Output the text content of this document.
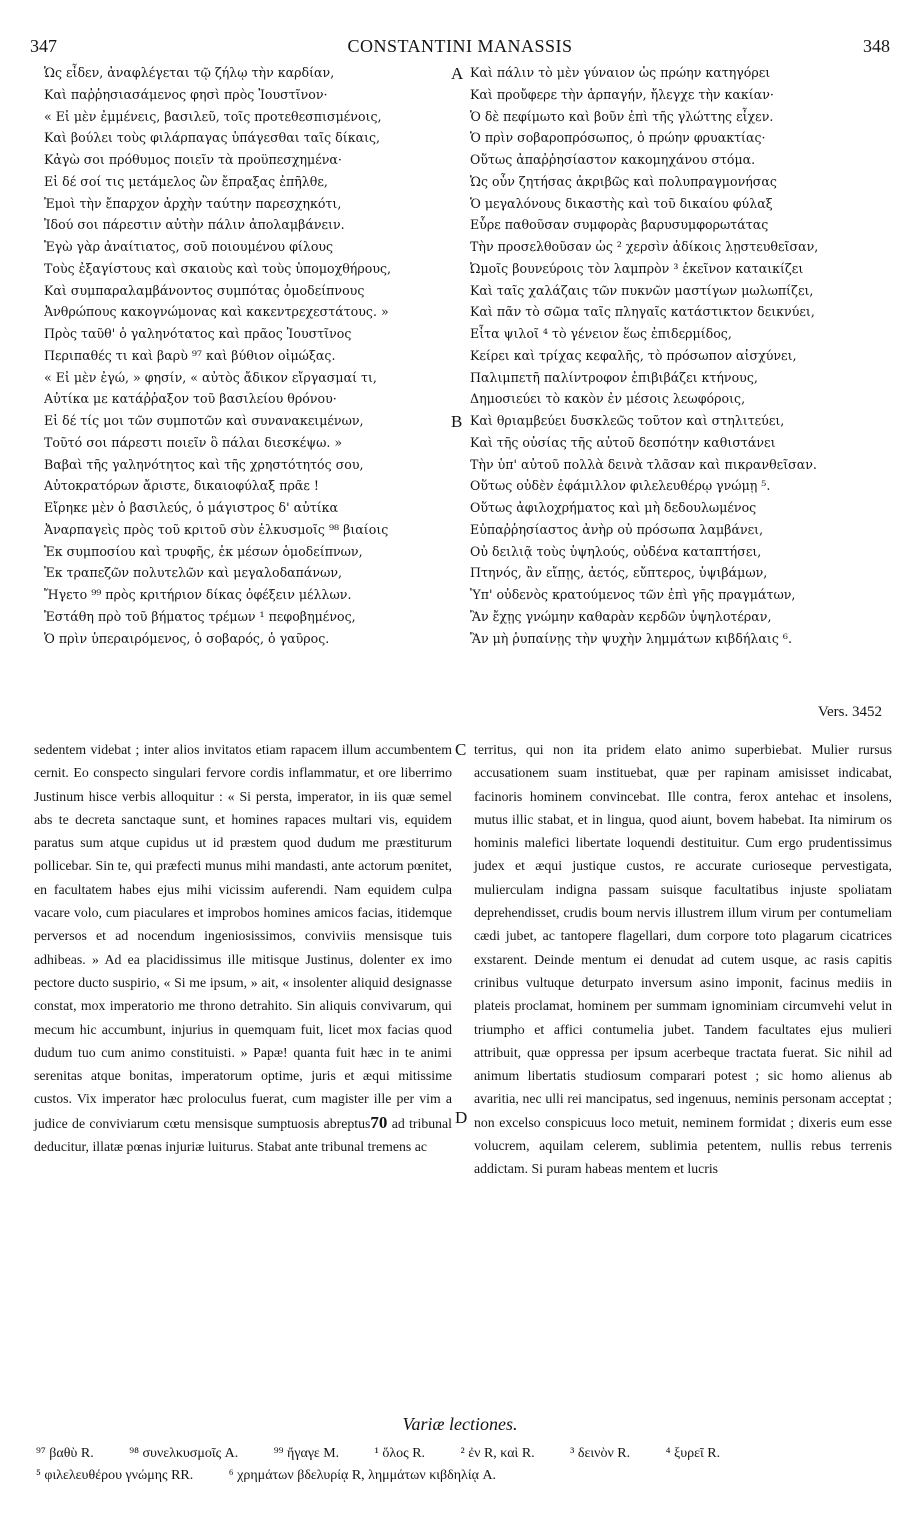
347	CONSTANTINI MANASSIS	348
Ὡς εἶδεν, ἀναφλέγεται τῷ ζήλῳ τὴν καρδίαν,
Καὶ παῤῥησιασάμενος φησὶ πρὸς Ἰουστῖνον·
« Εἰ μὲν ἐμμένεις, βασιλεῦ, τοῖς προτεθεσπισμένοις,
Καὶ βούλει τοὺς φιλάρπαγας ὑπάγεσθαι ταῖς δίκαις,
Κἀγὼ σοι πρόθυμος ποιεῖν τὰ προϋπεσχημένα·
Εἰ δέ σοί τις μετάμελος ὢν ἔπραξας ἐπῆλθε,
Ἐμοὶ τὴν ἔπαρχον ἀρχὴν ταύτην παρεσχηκότι,
Ἰδού σοι πάρεστιν αὐτὴν πάλιν ἀπολαμβάνειν.
Ἐγὼ γὰρ ἀναίτιατος, σοῦ ποιουμένου φίλους
Τοὺς ἐξαγίστους καὶ σκαιοὺς καὶ τοὺς ὑπομοχθήρους,
Καὶ συμπαραλαμβάνοντος συμπότας ὁμοδείπνους
Ἀνθρώπους κακογνώμονας καὶ κακεντρεχεστάτους. »
Πρὸς ταῦθ' ὁ γαληνότατος καὶ πρᾶος Ἰουστῖνος
Περιπαθές τι καὶ βαρὺ ⁹⁷ καὶ βύθιον οἰμώξας.
« Εἰ μὲν ἐγώ, » φησίν, « αὐτὸς ἄδικον εἴργασμαί τι,
Αὐτίκα με κατάῤῥαξον τοῦ βασιλείου θρόνου·
Εἰ δέ τίς μοι τῶν συμποτῶν καὶ συνανακειμένων,
Τοῦτό σοι πάρεστι ποιεῖν ὃ πάλαι διεσκέψω. »
Βαβαὶ τῆς γαληνότητος καὶ τῆς χρηστότητός σου,
Αὐτοκρατόρων ἄριστε, δικαιοφύλαξ πρᾶε !
Εἴρηκε μὲν ὁ βασιλεύς, ὁ μάγιστρος δ' αὐτίκα
Ἀναρπαγεὶς πρὸς τοῦ κριτοῦ σὺν ἑλκυσμοῖς ⁹⁸ βιαίοις
Ἐκ συμποσίου καὶ τρυφῆς, ἐκ μέσων ὁμοδείπνων,
Ἐκ τραπεζῶν πολυτελῶν καὶ μεγαλοδαπάνων,
Ἤγετο ⁹⁹ πρὸς κριτήριον δίκας ὀφέξειν μέλλων.
Ἐστάθη πρὸ τοῦ βήματος τρέμων ¹ πεφοβημένος,
Ὁ πρὶν ὑπεραιρόμενος, ὁ σοβαρός, ὁ γαῦρος.
Καὶ πάλιν τὸ μὲν γύναιον ὡς πρώην κατηγόρει
Καὶ προὔφερε τὴν ἁρπαγήν, ἤλεγχε τὴν κακίαν·
Ὁ δὲ πεφίμωτο καὶ βοῦν ἐπὶ τῆς γλώττης εἶχεν.
Ὁ πρὶν σοβαροπρόσωπος, ὁ πρώην φρυακτίας·
Οὕτως ἀπαῤῥησίαστον κακομηχάνου στόμα.
Ὡς οὖν ζητήσας ἀκριβῶς καὶ πολυπραγμονήσας
Ὁ μεγαλόνους δικαστὴς καὶ τοῦ δικαίου φύλαξ
Εὗρε παθοῦσαν συμφορὰς βαρυσυμφορωτάτας
Τὴν προσελθοῦσαν ὡς ² χερσὶν ἀδίκοις λῃστευθεῖσαν,
Ὠμοῖς βουνεύροις τὸν λαμπρὸν ³ ἐκεῖνον καταικίζει
Καὶ ταῖς χαλάζαις τῶν πυκνῶν μαστίγων μωλωπίζει,
Καὶ πᾶν τὸ σῶμα ταῖς πληγαῖς κατάστικτον δεικνύει,
Εἶτα ψιλοῖ ⁴ τὸ γένειον ἕως ἐπιδερμίδος,
Κείρει καὶ τρίχας κεφαλῆς, τὸ πρόσωπον αἰσχύνει,
Παλιμπετῆ παλίντροφον ἐπιβιβάζει κτήνους,
Δημοσιεύει τὸ κακὸν ἐν μέσοις λεωφόροις,
Καὶ θριαμβεύει δυσκλεῶς τοῦτον καὶ στηλιτεύει,
Καὶ τῆς οὐσίας τῆς αὐτοῦ δεσπότην καθιστάνει
Τὴν ὑπ' αὐτοῦ πολλὰ δεινὰ τλᾶσαν καὶ πικρανθεῖσαν.
Οὕτως οὐδὲν ἐφάμιλλον φιλελευθέρῳ γνώμῃ ⁵.
Οὕτως ἀφιλοχρήματος καὶ μὴ δεδουλωμένος
Εὐπαῤῥησίαστος ἀνὴρ οὐ πρόσωπα λαμβάνει,
Οὐ δειλιᾷ τοὺς ὑψηλούς, οὐδένα καταπτήσει,
Πτηνός, ἂν εἴπῃς, ἀετός, εὔπτερος, ὑψιβάμων,
Ὑπ' οὐδενὸς κρατούμενος τῶν ἐπὶ γῆς πραγμάτων,
Ἂν ἔχῃς γνώμην καθαρὰν κερδῶν ὑψηλοτέραν,
Ἂν μὴ ῥυπαίνῃς τὴν ψυχὴν λημμάτων κιβδήλαις ⁶.
A
B
C
D
Vers. 3452
sedentem videbat ; inter alios invitatos etiam rapacem illum accumbentem cernit. Eo conspecto singulari fervore cordis inflammatur, et ore liberrimo Justinum hisce verbis alloquitur : « Si persta, imperator, in iis quæ semel abs te decreta sanctaque sunt, et homines rapaces multari vis, equidem paratus sum atque cupidus ut id præstem quod dudum me præstiturum pollicebar. Sin te, qui præfecti munus mihi mandasti, ante actorum pœnitet, en facultatem habes ejus mihi vicissim auferendi. Nam equidem culpa vacare volo, cum piaculares et improbos homines amicos facias, itidemque perversos et ad nocendum ingeniosissimos, conviviis mensisque tuis adhibeas. » Ad ea placidissimus ille mitisque Justinus, dolenter ex imo pectore ducto suspirio, « Si me ipsum, » ait, « insolenter aliquid designasse constat, mox imperatorio me throno detrahito. Sin aliquis convivarum, qui mecum hic accumbunt, injurius in quemquam fuit, licet mox facias quod dudum tuo cum animo constituisti. » Papæ! quanta fuit hæc in te animi serenitas atque bonitas, imperatorum optime, juris et æqui mitissime custos. Vix imperator hæc proloculus fuerat, cum magister ille per vim a judice de conviviarum cœtu mensisque sumptuosis abreptus70 ad tribunal deducitur, illatæ pœnas injuriæ luiturus. Stabat ante tribunal tremens ac
territus, qui non ita pridem elato animo superbiebat. Mulier rursus accusationem suam instituebat, quæ per rapinam amisisset indicabat, facinoris hominem convincebat. Ille contra, ferox antehac et insolens, mutus illic stabat, et in lingua, quod aiunt, bovem habebat. Ita nimirum os hominis malefici libertate loquendi destituitur. Cum ergo prudentissimus judex et æqui justique custos, re accurate curioseque pervestigata, mulierculam indigna passam suisque facultatibus injuste spoliatam deprehendisset, crudis boum nervis illustrem illum virum per contumeliam cædi jubet, ac tantopere flagellari, dum corpore toto plagarum cicatrices exstarent. Deinde mentum ei denudat ad cutem usque, ac rasis capitis crinibus vultuque deturpato inversum asino imponit, facinus mediis in plateis proclamat, hominem per summam ignominiam circumvehi velut in triumpho et affici contumelia jubet. Tandem facultates ejus mulieri attribuit, quæ oppressa per ipsum acerbeque tractata fuerat. Sic nihil ad animum libertatis studiosum comparari potest ; sic homo alienus ab avaritia, nec ulli rei mancipatus, sed ingenuus, neminis personam acceptat ; non excelso conspicuus loco metuit, neminem formidat ; dixeris eum esse volucrem, aquilam celerem, sublimia petentem, nullis rebus terrenis addictam. Si puram habeas mentem et lucris
Variæ lectiones.
⁹⁷ βαθὺ R.	⁹⁸ συνελκυσμοῖς A.	⁹⁹ ἤγαγε M.	¹ ὅλος R.	² ἐν R, καὶ R.	³ δεινὸν R.	⁴ ξυρεῖ R.
⁵ φιλελευθέρου γνώμης RR.	⁶ χρημάτων βδελυρίᾳ R, λημμάτων κιβδηλίᾳ A.
